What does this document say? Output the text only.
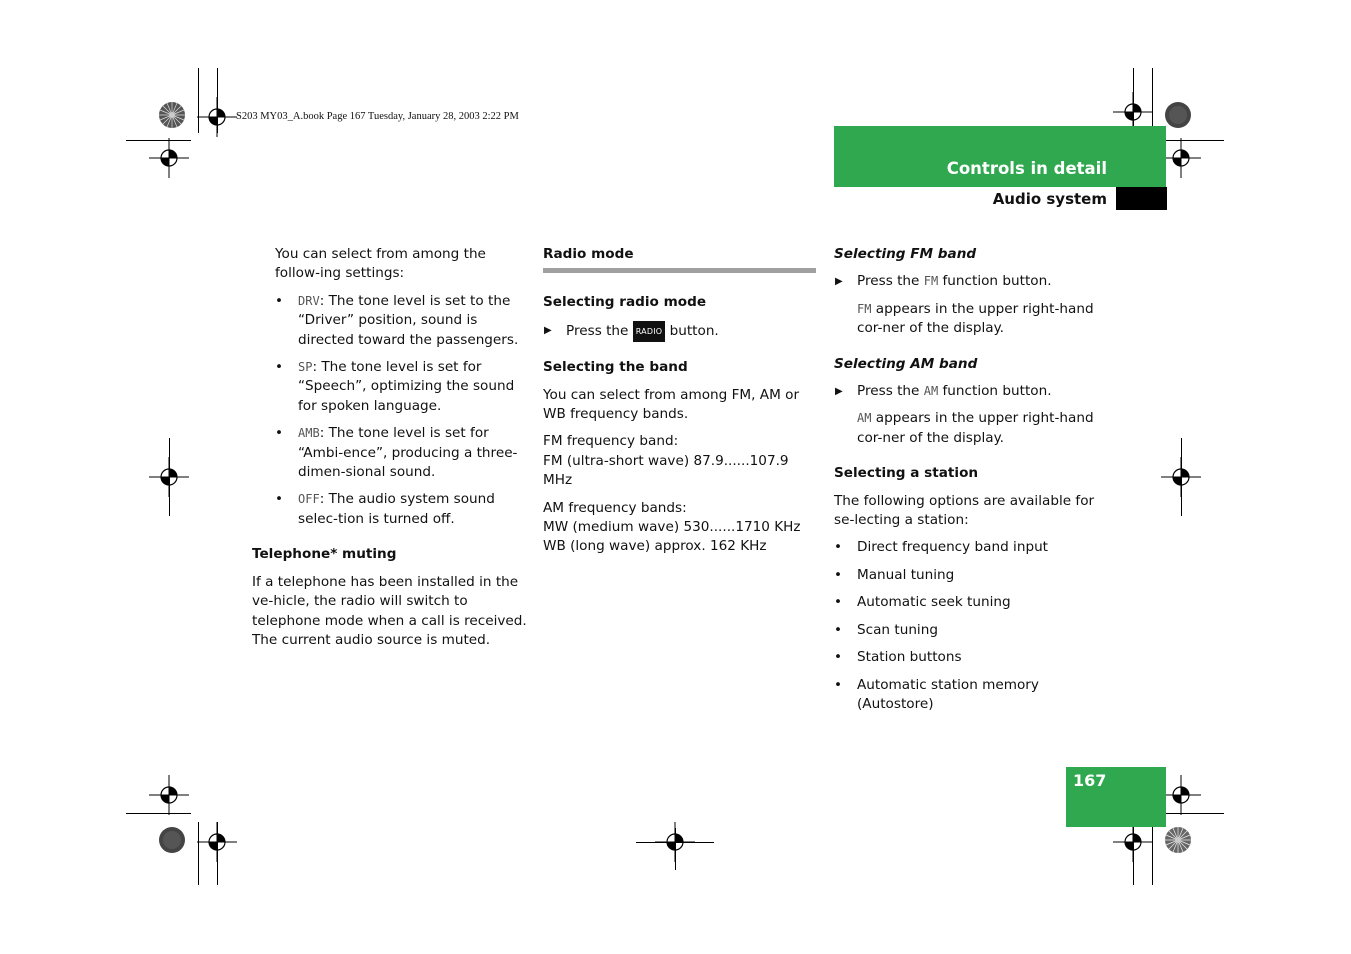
S203 MY03_A.book Page 167 Tuesday, January 28, 2003 2:22 PM
Controls in detail
Audio system

You can select from among the follow-ing settings:

• DRV: The tone level is set to the “Driver” position, sound is directed toward the passengers.
• SP: The tone level is set for “Speech”, optimizing the sound for spoken language.
• AMB: The tone level is set for “Ambi-ence”, producing a three-dimen-sional sound.
• OFF: The audio system sound selec-tion is turned off.
Telephone* muting

If a telephone has been installed in the ve-hicle, the radio will switch to telephone mode when a call is received. The current audio source is muted.

Radio mode
Selecting radio mode
▶ Press the RADIO button.
Selecting the band

You can select from among FM, AM or WB frequency bands.

FM frequency band:
FM (ultra-short wave) 87.9......107.9 MHz

AM frequency bands:
MW (medium wave) 530......1710 KHz
WB (long wave) approx. 162 KHz

Selecting FM band
▶ Press the FM function button.

FM appears in the upper right-hand cor-ner of the display.

Selecting AM band
▶ Press the AM function button.

AM appears in the upper right-hand cor-ner of the display.

Selecting a station

The following options are available for se-lecting a station:

• Direct frequency band input
• Manual tuning
• Automatic seek tuning
• Scan tuning
• Station buttons
• Automatic station memory (Autostore)
167
